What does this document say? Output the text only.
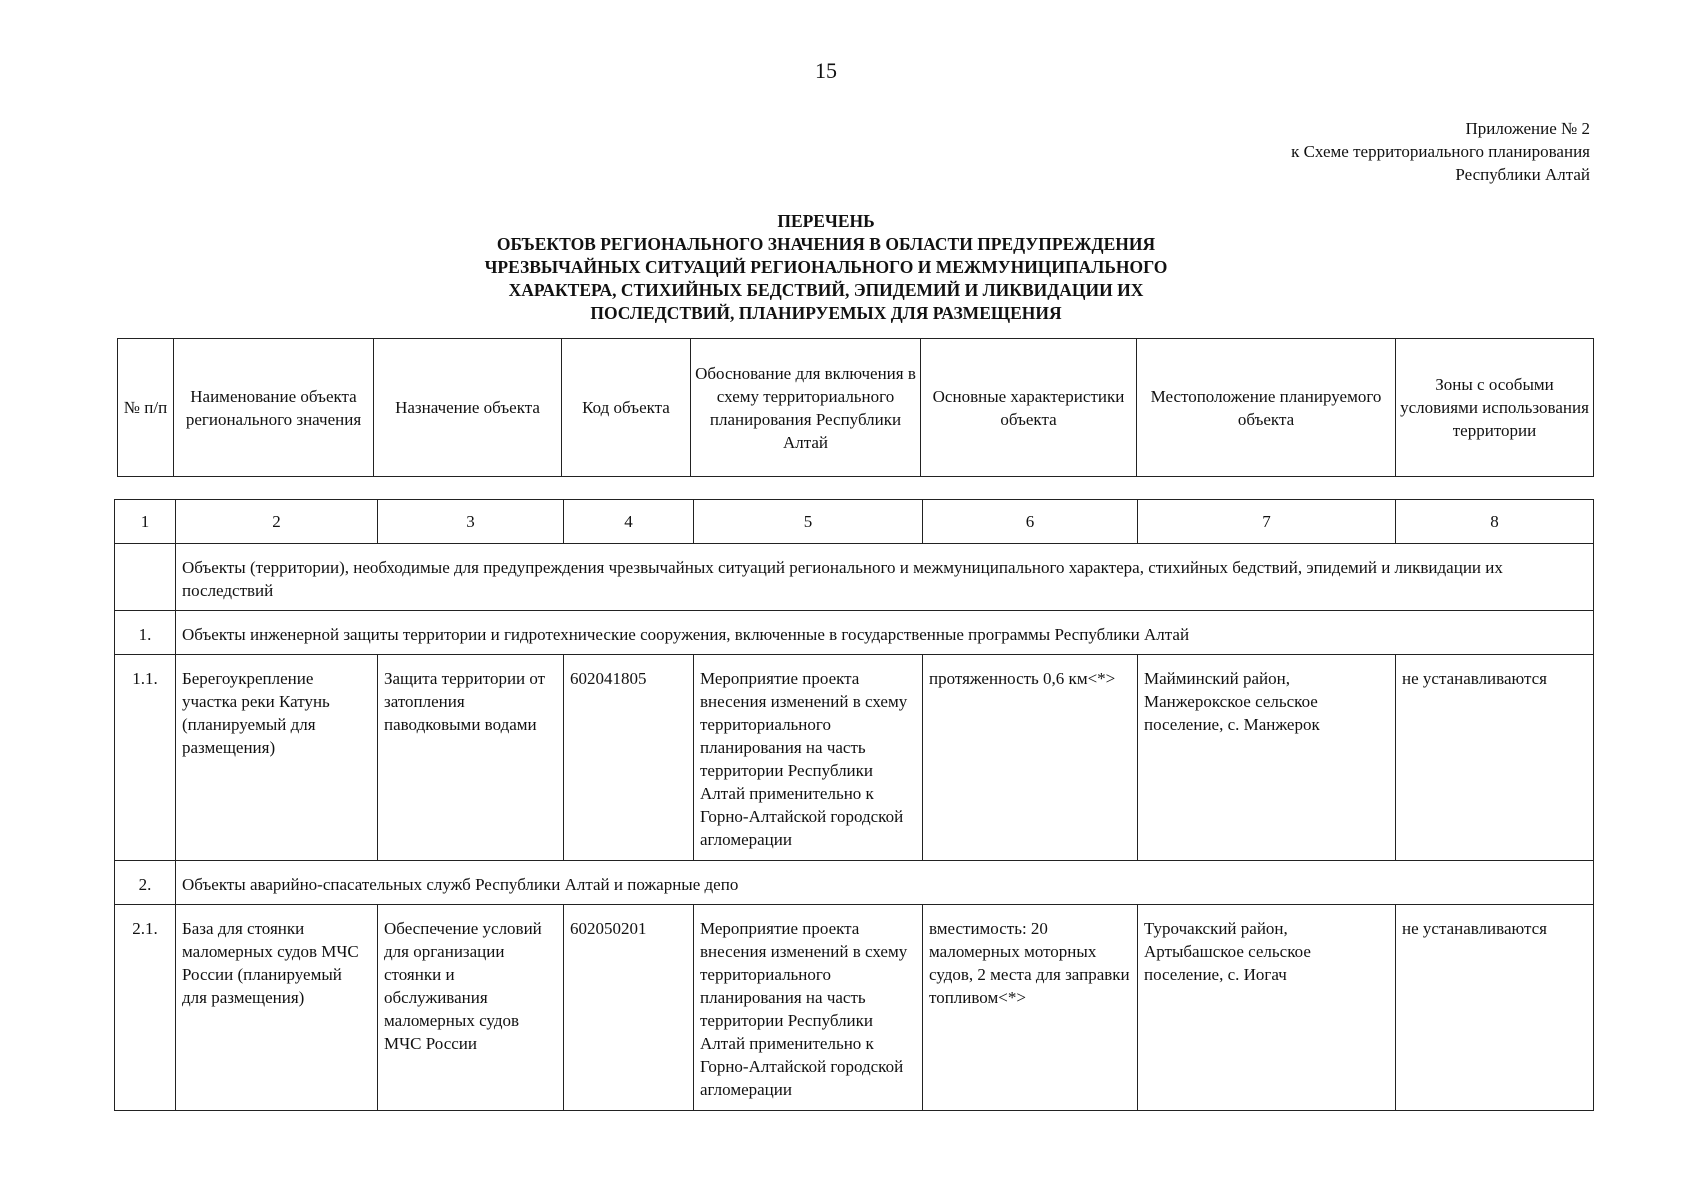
15
Приложение № 2
к Схеме территориального планирования
Республики Алтай
ПЕРЕЧЕНЬ
ОБЪЕКТОВ РЕГИОНАЛЬНОГО ЗНАЧЕНИЯ В ОБЛАСТИ ПРЕДУПРЕЖДЕНИЯ
ЧРЕЗВЫЧАЙНЫХ СИТУАЦИЙ РЕГИОНАЛЬНОГО И МЕЖМУНИЦИПАЛЬНОГО
ХАРАКТЕРА, СТИХИЙНЫХ БЕДСТВИЙ, ЭПИДЕМИЙ И ЛИКВИДАЦИИ ИХ
ПОСЛЕДСТВИЙ, ПЛАНИРУЕМЫХ ДЛЯ РАЗМЕЩЕНИЯ
№ п/п	Наименование объекта регионального значения	Назначение объекта	Код объекта	Обоснование для включения в схему территориального планирования Республики Алтай	Основные характеристики объекта	Местоположение планируемого объекта	Зоны с особыми условиями использования территории
1	2	3	4	5	6	7	8
	Объекты (территории), необходимые для предупреждения чрезвычайных ситуаций регионального и межмуниципального характера, стихийных бедствий, эпидемий и ликвидации их последствий						
1.	Объекты инженерной защиты территории и гидротехнические сооружения, включенные в государственные программы Республики Алтай						
1.1.	Берегоукрепление участка реки Катунь (планируемый для размещения)	Защита территории от затопления паводковыми водами	602041805	Мероприятие проекта внесения изменений в схему территориального планирования на часть территории Республики Алтай применительно к Горно-Алтайской городской агломерации	протяженность 0,6 км<*>	Майминский район, Манжерокское сельское поселение, с. Манжерок	не устанавливаются
2.	Объекты аварийно-спасательных служб Республики Алтай и пожарные депо						
2.1.	База для стоянки маломерных судов МЧС России (планируемый для размещения)	Обеспечение условий для организации стоянки и обслуживания маломерных судов МЧС России	602050201	Мероприятие проекта внесения изменений в схему территориального планирования на часть территории Республики Алтай применительно к Горно-Алтайской городской агломерации	вместимость: 20 маломерных моторных судов, 2 места для заправки топливом<*>	Турочакский район, Артыбашское сельское поселение, с. Иогач	не устанавливаются
